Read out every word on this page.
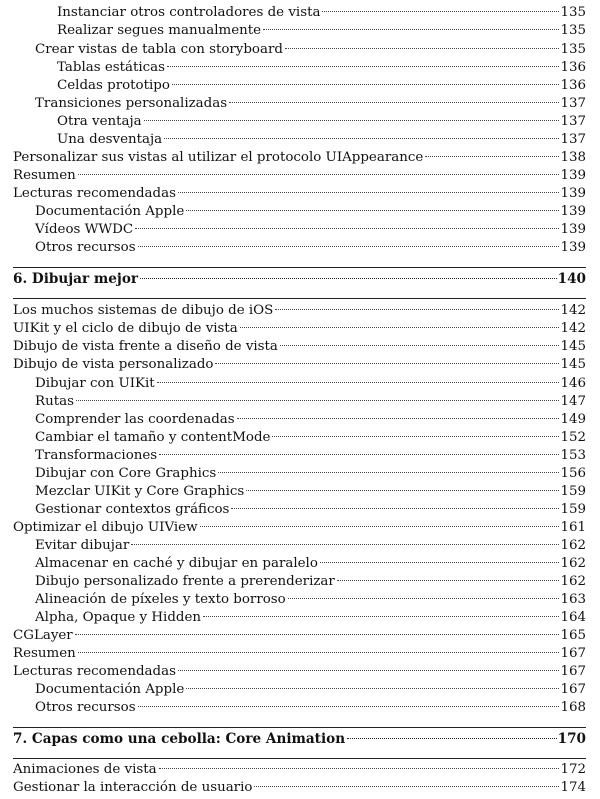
Instanciar otros controladores de vista	135
Realizar segues manualmente	135
Crear vistas de tabla con storyboard	135
Tablas estáticas	136
Celdas prototipo	136
Transiciones personalizadas	137
Otra ventaja	137
Una desventaja	137
Personalizar sus vistas al utilizar el protocolo UIAppearance	138
Resumen	139
Lecturas recomendadas	139
Documentación Apple	139
Vídeos WWDC	139
Otros recursos	139
6. Dibujar mejor	140
Los muchos sistemas de dibujo de iOS	142
UIKit y el ciclo de dibujo de vista	142
Dibujo de vista frente a diseño de vista	145
Dibujo de vista personalizado	145
Dibujar con UIKit	146
Rutas	147
Comprender las coordenadas	149
Cambiar el tamaño y contentMode	152
Transformaciones	153
Dibujar con Core Graphics	156
Mezclar UIKit y Core Graphics	159
Gestionar contextos gráficos	159
Optimizar el dibujo UIView	161
Evitar dibujar	162
Almacenar en caché y dibujar en paralelo	162
Dibujo personalizado frente a prerenderizar	162
Alineación de píxeles y texto borroso	163
Alpha, Opaque y Hidden	164
CGLayer	165
Resumen	167
Lecturas recomendadas	167
Documentación Apple	167
Otros recursos	168
7. Capas como una cebolla: Core Animation	170
Animaciones de vista	172
Gestionar la interacción de usuario	174
